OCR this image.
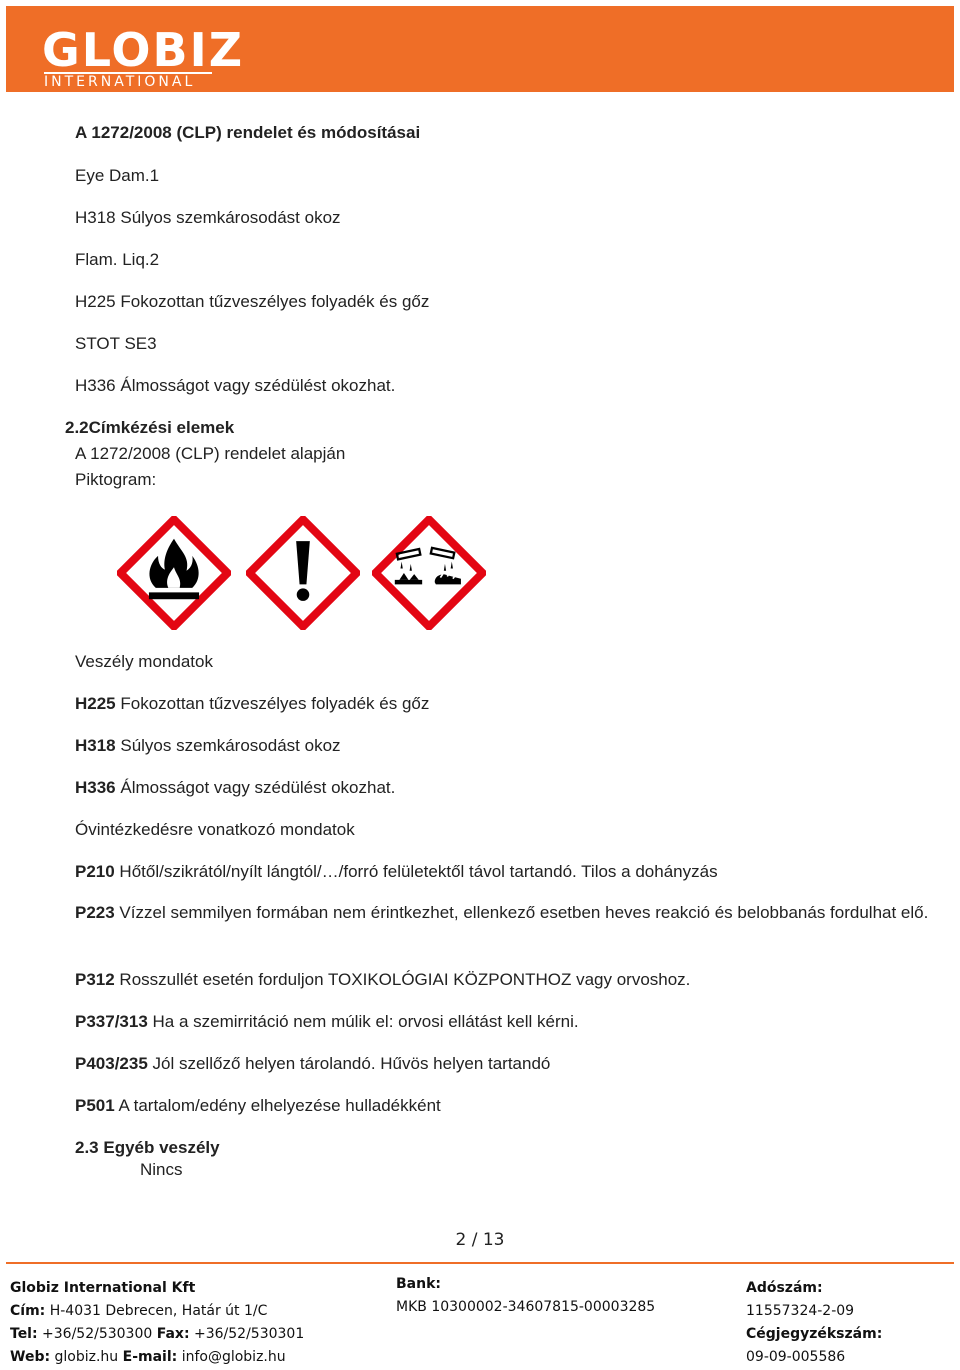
GLOBIZ
INTERNATIONAL
A 1272/2008 (CLP) rendelet és módosításai
Eye Dam.1
H318 Súlyos szemkárosodást okoz
Flam. Liq.2
H225 Fokozottan tűzveszélyes folyadék és gőz
STOT SE3
H336 Álmosságot vagy szédülést okozhat.
2.2Címkézési elemek
A 1272/2008 (CLP) rendelet alapján
Piktogram:
Veszély mondatok
H225 Fokozottan tűzveszélyes folyadék és gőz
H318 Súlyos szemkárosodást okoz
H336 Álmosságot vagy szédülést okozhat.
Óvintézkedésre vonatkozó mondatok
P210 Hőtől/szikrától/nyílt lángtól/…/forró felületektől távol tartandó. Tilos a dohányzás
P223 Vízzel semmilyen formában nem érintkezhet, ellenkező esetben heves reakció és belobbanás fordulhat elő.
P312 Rosszullét esetén forduljon TOXIKOLÓGIAI KÖZPONTHOZ vagy orvoshoz.
P337/313 Ha a szemirritáció nem múlik el: orvosi ellátást kell kérni.
P403/235 Jól szellőző helyen tárolandó. Hűvös helyen tartandó
P501 A tartalom/edény elhelyezése hulladékként
2.3 Egyéb veszély
Nincs
2 / 13
Globiz International Kft
Cím: H-4031 Debrecen, Határ út 1/C
Tel: +36/52/530300 Fax: +36/52/530301
Web: globiz.hu E-mail: info@globiz.hu
Bank:
MKB 10300002-34607815-00003285
Adószám:
11557324-2-09
Cégjegyzékszám:
09-09-005586
